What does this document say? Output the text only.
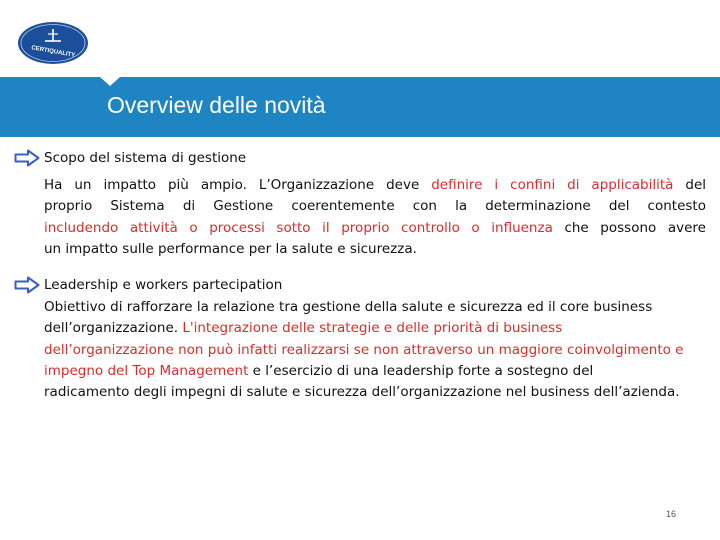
CERTIQUALITY
Overview delle novità
Scopo del sistema di gestione
Ha un impatto più ampio. L’Organizzazione deve definire i confini di applicabilità del
proprio Sistema di Gestione coerentemente con la determinazione del contesto
includendo attività o processi sotto il proprio controllo o influenza che possono avere
un impatto sulle performance per la salute e sicurezza.
Leadership e workers partecipation
Obiettivo di rafforzare la relazione tra gestione della salute e sicurezza ed il core business
dell’organizzazione. L'integrazione delle strategie e delle priorità di business
dell’organizzazione non può infatti realizzarsi se non attraverso un maggiore coinvolgimento e
impegno del Top Management e l’esercizio di una leadership forte a sostegno del
radicamento degli impegni di salute e sicurezza dell’organizzazione nel business dell’azienda.
16
